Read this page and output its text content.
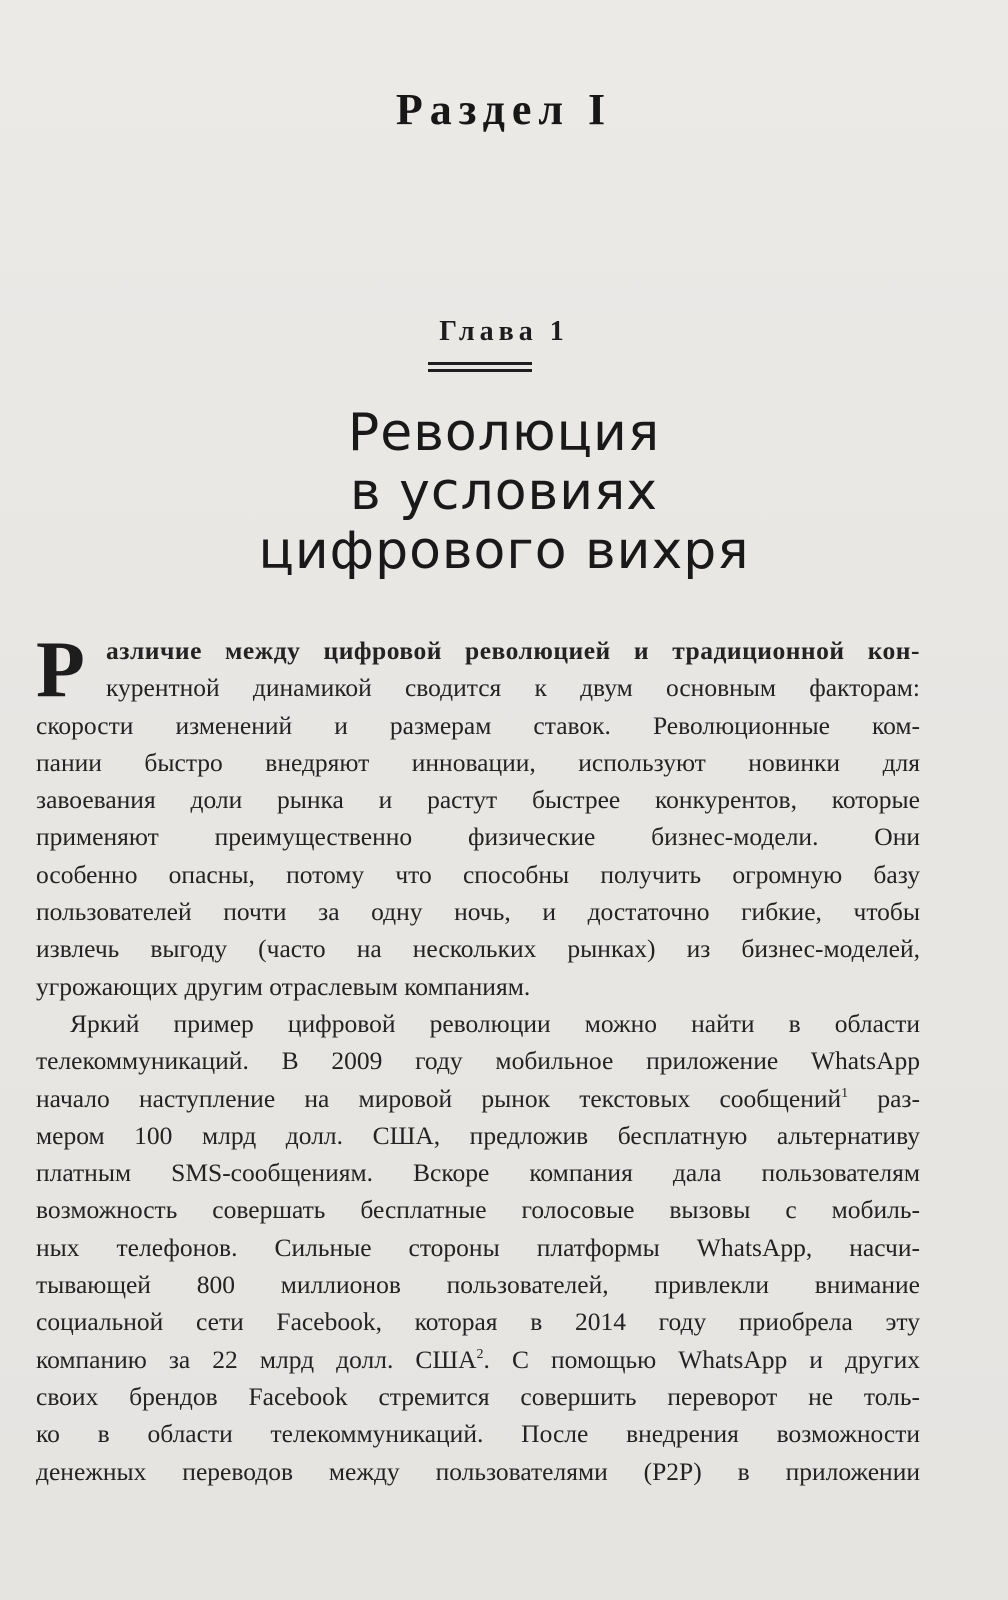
Раздел I
Глава 1
Революция
в условиях
цифрового вихря
Р азличие между цифровой революцией и традиционной кон-
курентной динамикой сводится к двум основным факторам:
скорости изменений и размерам ставок. Революционные ком-
пании быстро внедряют инновации, используют новинки для
завоевания доли рынка и растут быстрее конкурентов, которые
применяют преимущественно физические бизнес-модели. Они
особенно опасны, потому что способны получить огромную базу
пользователей почти за одну ночь, и достаточно гибкие, чтобы
извлечь выгоду (часто на нескольких рынках) из бизнес-моделей,
угрожающих другим отраслевым компаниям.
Яркий пример цифровой революции можно найти в области
телекоммуникаций. В 2009 году мобильное приложение WhatsApp
начало наступление на мировой рынок текстовых сообщений$^1$ раз-
мером 100 млрд долл. США, предложив бесплатную альтернативу
платным SMS-сообщениям. Вскоре компания дала пользователям
возможность совершать бесплатные голосовые вызовы с мобиль-
ных телефонов. Сильные стороны платформы WhatsApp, насчи-
тывающей 800 миллионов пользователей, привлекли внимание
социальной сети Facebook, которая в 2014 году приобрела эту
компанию за 22 млрд долл. США$^2$. С помощью WhatsApp и других
своих брендов Facebook стремится совершить переворот не толь-
ко в области телекоммуникаций. После внедрения возможности
денежных переводов между пользователями (P2P) в приложении
